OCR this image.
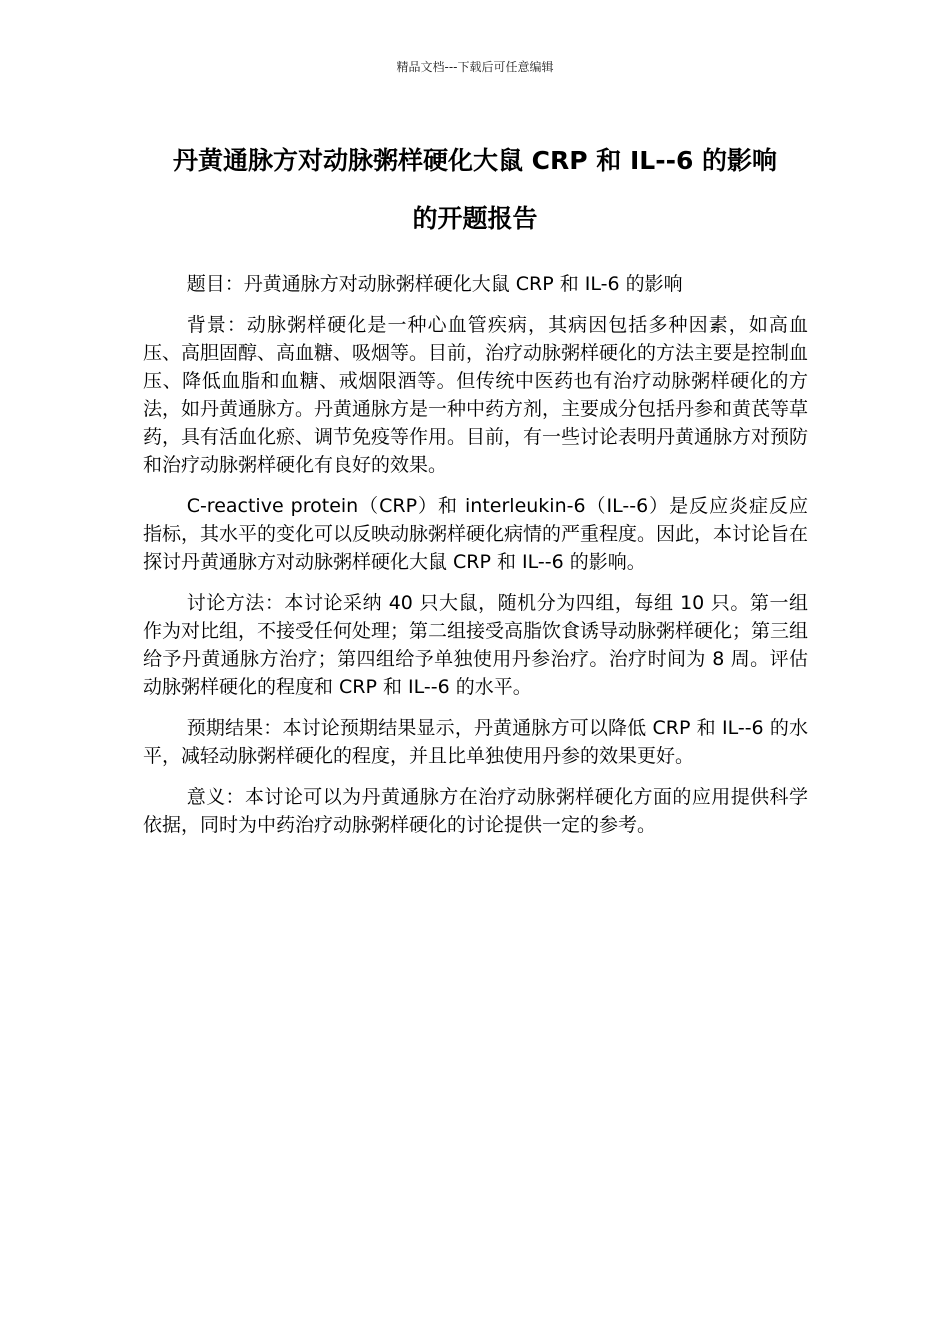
精品文档---下载后可任意编辑
丹黄通脉方对动脉粥样硬化大鼠 CRP 和 IL--6 的影响
的开题报告

题目：丹黄通脉方对动脉粥样硬化大鼠 CRP 和 IL-6 的影响

背景：动脉粥样硬化是一种心血管疾病，其病因包括多种因素，如高血压、高胆固醇、高血糖、吸烟等。目前，治疗动脉粥样硬化的方法主要是控制血压、降低血脂和血糖、戒烟限酒等。但传统中医药也有治疗动脉粥样硬化的方法，如丹黄通脉方。丹黄通脉方是一种中药方剂，主要成分包括丹参和黄芪等草药，具有活血化瘀、调节免疫等作用。目前，有一些讨论表明丹黄通脉方对预防和治疗动脉粥样硬化有良好的效果。

C-reactive protein（CRP）和 interleukin-6（IL--6）是反应炎症反应指标，其水平的变化可以反映动脉粥样硬化病情的严重程度。因此，本讨论旨在探讨丹黄通脉方对动脉粥样硬化大鼠 CRP 和 IL--6 的影响。

讨论方法：本讨论采纳 40 只大鼠，随机分为四组，每组 10 只。第一组作为对比组，不接受任何处理；第二组接受高脂饮食诱导动脉粥样硬化；第三组给予丹黄通脉方治疗；第四组给予单独使用丹参治疗。治疗时间为 8 周。评估动脉粥样硬化的程度和 CRP 和 IL--6 的水平。

预期结果：本讨论预期结果显示，丹黄通脉方可以降低 CRP 和 IL--6 的水平，减轻动脉粥样硬化的程度，并且比单独使用丹参的效果更好。

意义：本讨论可以为丹黄通脉方在治疗动脉粥样硬化方面的应用提供科学依据，同时为中药治疗动脉粥样硬化的讨论提供一定的参考。
